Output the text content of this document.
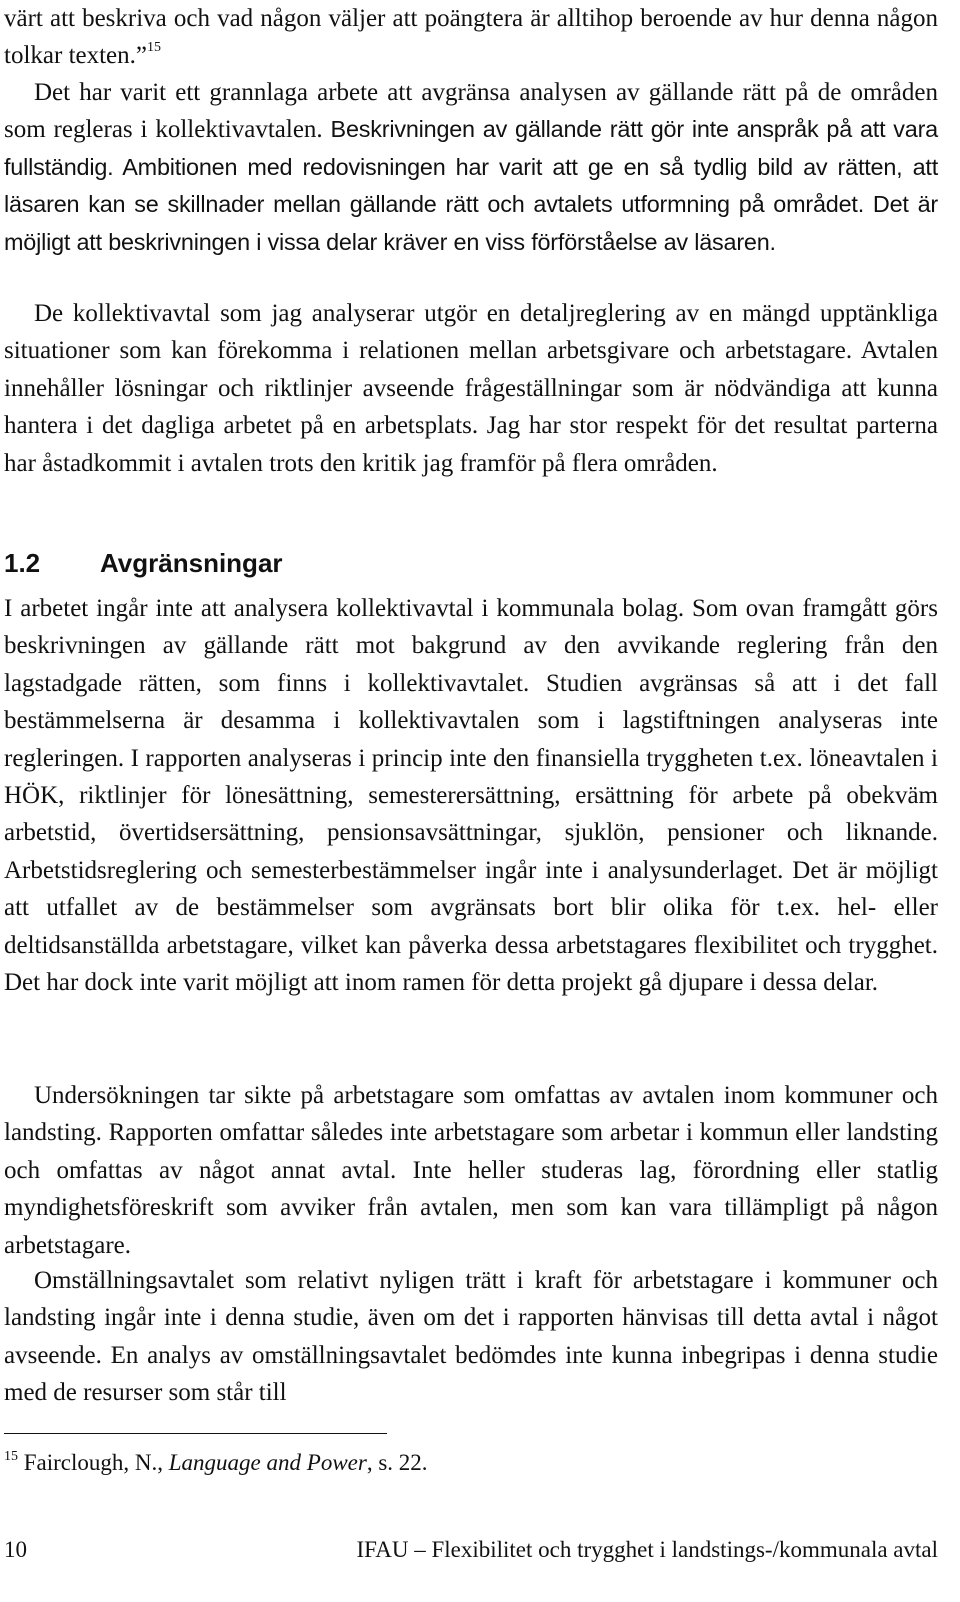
värt att beskriva och vad någon väljer att poängtera är alltihop beroende av hur denna någon tolkar texten.”$^{15}$

Det har varit ett grannlaga arbete att avgränsa analysen av gällande rätt på de områden som regleras i kollektivavtalen. Beskrivningen av gällande rätt gör inte anspråk på att vara fullständig. Ambitionen med redovisningen har varit att ge en så tydlig bild av rätten, att läsaren kan se skillnader mellan gällande rätt och avtalets utformning på området. Det är möjligt att beskrivningen i vissa delar kräver en viss förförståelse av läsaren.

De kollektivavtal som jag analyserar utgör en detaljreglering av en mängd upptänkliga situationer som kan förekomma i relationen mellan arbetsgivare och arbetstagare. Avtalen innehåller lösningar och riktlinjer avseende frågeställningar som är nödvändiga att kunna hantera i det dagliga arbetet på en arbetsplats. Jag har stor respekt för det resultat parterna har åstadkommit i avtalen trots den kritik jag framför på flera områden.

1.2 Avgränsningar

I arbetet ingår inte att analysera kollektivavtal i kommunala bolag. Som ovan framgått görs beskrivningen av gällande rätt mot bakgrund av den avvikande reglering från den lagstadgade rätten, som finns i kollektivavtalet. Studien avgränsas så att i det fall bestämmelserna är desamma i kollektivavtalen som i lagstiftningen analyseras inte regleringen. I rapporten analyseras i princip inte den finansiella tryggheten t.ex. löneavtalen i HÖK, riktlinjer för lönesättning, semesterersättning, ersättning för arbete på obekväm arbetstid, övertidsersättning, pensionsavsättningar, sjuklön, pensioner och liknande. Arbetstidsreglering och semesterbestämmelser ingår inte i analysunderlaget. Det är möjligt att utfallet av de bestämmelser som avgränsats bort blir olika för t.ex. hel- eller deltidsanställda arbetstagare, vilket kan påverka dessa arbetstagares flexibilitet och trygghet. Det har dock inte varit möjligt att inom ramen för detta projekt gå djupare i dessa delar.

Undersökningen tar sikte på arbetstagare som omfattas av avtalen inom kommuner och landsting. Rapporten omfattar således inte arbetstagare som arbetar i kommun eller landsting och omfattas av något annat avtal. Inte heller studeras lag, förordning eller statlig myndighetsföreskrift som avviker från avtalen, men som kan vara tillämpligt på någon arbetstagare.

Omställningsavtalet som relativt nyligen trätt i kraft för arbetstagare i kommuner och landsting ingår inte i denna studie, även om det i rapporten hänvisas till detta avtal i något avseende. En analys av omställningsavtalet bedömdes inte kunna inbegripas i denna studie med de resurser som står till

$^{15}$ Fairclough, N., Language and Power, s. 22.

10	IFAU – Flexibilitet och trygghet i landstings-/kommunala avtal
